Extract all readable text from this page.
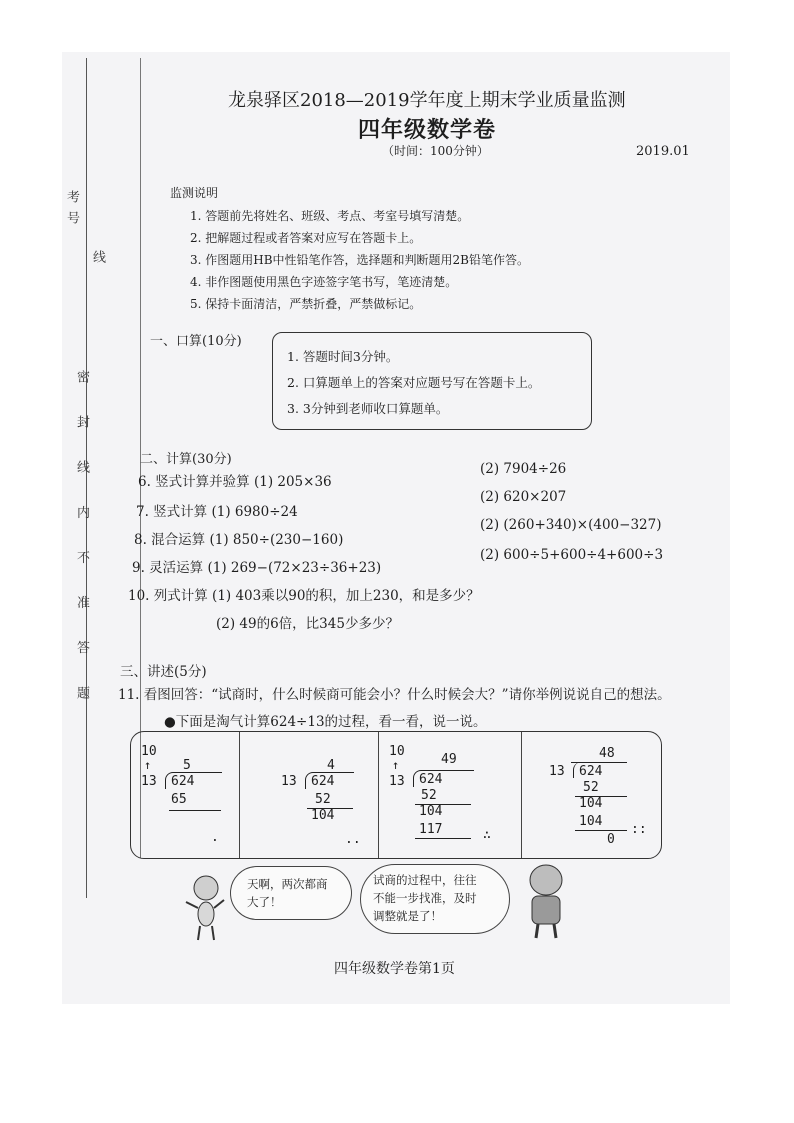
考号
线
密 封 线 内 不 准 答 题
龙泉驿区2018—2019学年度上期末学业质量监测
四年级数学卷
（时间：100分钟）	2019.01
监测说明
1. 答题前先将姓名、班级、考点、考室号填写清楚。
2. 把解题过程或者答案对应写在答题卡上。
3. 作图题用HB中性铅笔作答，选择题和判断题用2B铅笔作答。
4. 非作图题使用黑色字迹签字笔书写，笔迹清楚。
5. 保持卡面清洁，严禁折叠，严禁做标记。
一、口算(10分)
1. 答题时间3分钟。
2. 口算题单上的答案对应题号写在答题卡上。
3. 3分钟到老师收口算题单。
二、计算(30分)
6. 竖式计算并验算 (1) 205×36
(2) 7904÷26
7. 竖式计算 (1) 6980÷24
(2) 620×207
8. 混合运算 (1) 850÷(230−160)
(2) (260+340)×(400−327)
9. 灵活运算 (1) 269−(72×23÷36+23)
(2) 600÷5+600÷4+600÷3
10. 列式计算 (1) 403乘以90的积，加上230，和是多少？
(2) 49的6倍，比345少多少？
三、讲述(5分)
11. 看图回答：“试商时，什么时候商可能会小？什么时候会大？”请你举例说说自己的想法。
●下面是淘气计算624÷13的过程，看一看，说一说。
10
↑ 5
13 624
65
.
4
13 624
52
104
..
10
↑	49
13 624
52
104
117	∴
48
13 624
52
104
104
0
::
天啊，两次都商
大了！
试商的过程中，往往
不能一步找准，及时
调整就是了！
四年级数学卷第1页
